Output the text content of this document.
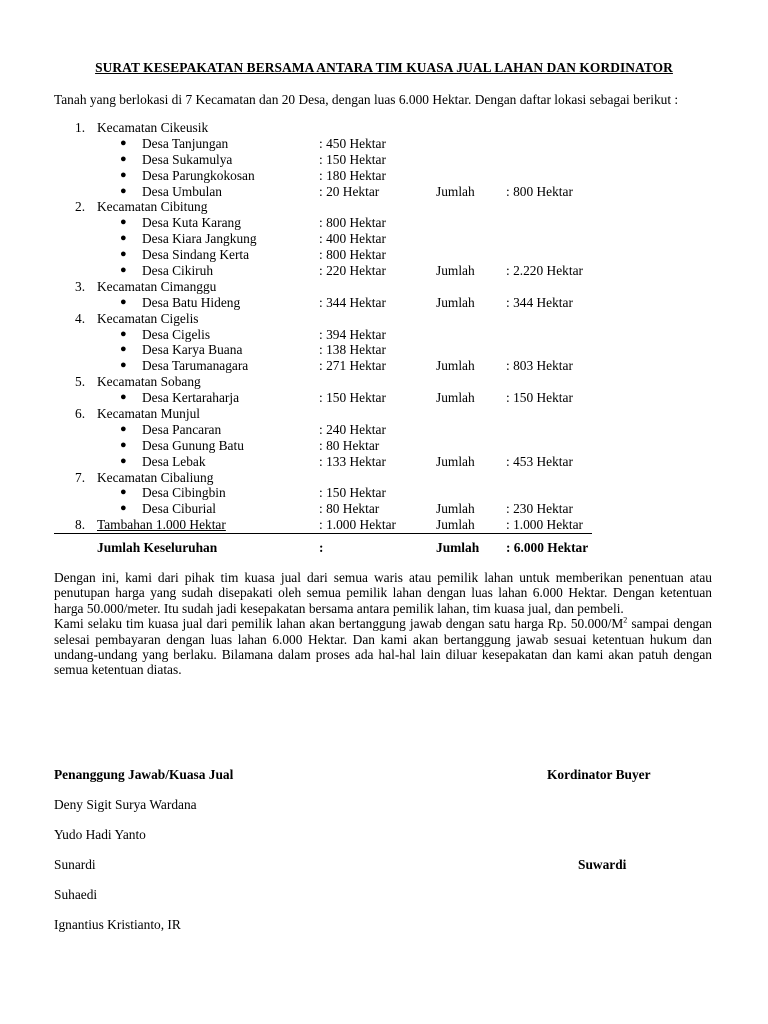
SURAT KESEPAKATAN BERSAMA ANTARA TIM KUASA JUAL LAHAN DAN KORDINATOR
Tanah yang berlokasi di 7 Kecamatan dan 20 Desa, dengan luas 6.000 Hektar. Dengan daftar lokasi sebagai berikut :
1. Kecamatan Cikeusik
● Desa Tanjungan	: 450 Hektar
● Desa Sukamulya	: 150 Hektar
● Desa Parungkokosan	: 180 Hektar
● Desa Umbulan	: 20 Hektar	Jumlah : 800 Hektar
2. Kecamatan Cibitung
● Desa Kuta Karang	: 800 Hektar
● Desa Kiara Jangkung	: 400 Hektar
● Desa Sindang Kerta	: 800 Hektar
● Desa Cikiruh	: 220 Hektar	Jumlah : 2.220 Hektar
3. Kecamatan Cimanggu
● Desa Batu Hideng	: 344 Hektar	Jumlah : 344 Hektar
4. Kecamatan Cigelis
● Desa Cigelis	: 394 Hektar
● Desa Karya Buana	: 138 Hektar
● Desa Tarumanagara	: 271 Hektar	Jumlah : 803 Hektar
5. Kecamatan Sobang
● Desa Kertaraharja	: 150 Hektar	Jumlah : 150 Hektar
6. Kecamatan Munjul
● Desa Pancaran	: 240 Hektar
● Desa Gunung Batu	: 80 Hektar
● Desa Lebak	: 133 Hektar	Jumlah : 453 Hektar
7. Kecamatan Cibaliung
● Desa Cibingbin	: 150 Hektar
● Desa Ciburial	: 80 Hektar	Jumlah : 230 Hektar
8. Tambahan 1.000 Hektar	: 1.000 Hektar	Jumlah : 1.000 Hektar
Jumlah Keseluruhan	:	Jumlah : 6.000 Hektar

Dengan ini, kami dari pihak tim kuasa jual dari semua waris atau pemilik lahan untuk memberikan penentuan atau penutupan harga yang sudah disepakati oleh semua pemilik lahan dengan luas lahan 6.000 Hektar. Dengan ketentuan harga 50.000/meter. Itu sudah jadi kesepakatan bersama antara pemilik lahan, tim kuasa jual, dan pembeli.

Kami selaku tim kuasa jual dari pemilik lahan akan bertanggung jawab dengan satu harga Rp. $50.000/M^2$ sampai dengan selesai pembayaran dengan luas lahan 6.000 Hektar. Dan kami akan bertanggung jawab sesuai ketentuan hukum dan undang-undang yang berlaku. Bilamana dalam proses ada hal-hal lain diluar kesepakatan dan kami akan patuh dengan semua ketentuan diatas.

Penanggung Jawab/Kuasa Jual	Kordinator Buyer
Deny Sigit Surya Wardana
Yudo Hadi Yanto
Sunardi	Suwardi
Suhaedi
Ignantius Kristianto, IR
